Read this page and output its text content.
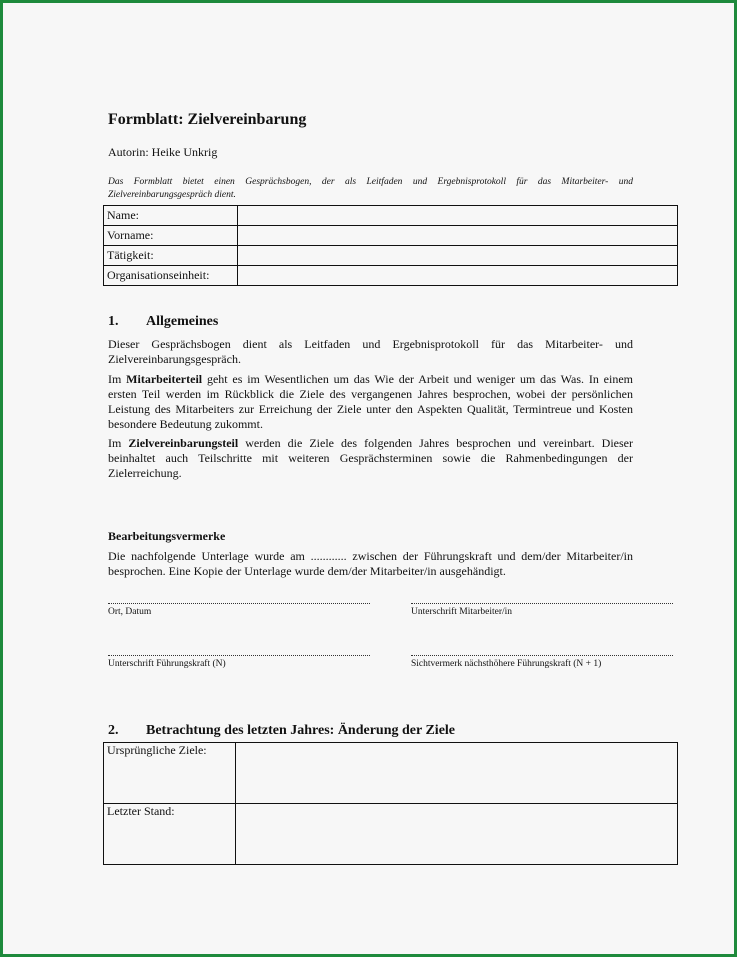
Formblatt: Zielvereinbarung
Autorin: Heike Unkrig
Das Formblatt bietet einen Gesprächsbogen, der als Leitfaden und Ergebnisprotokoll für das Mitarbeiter- und Zielvereinbarungsgespräch dient.
Name:	
Vorname:	
Tätigkeit:	
Organisationseinheit:	
1. Allgemeines

Dieser Gesprächsbogen dient als Leitfaden und Ergebnisprotokoll für das Mitarbeiter- und Zielvereinbarungsgespräch.

Im Mitarbeiterteil geht es im Wesentlichen um das Wie der Arbeit und weniger um das Was. In einem ersten Teil werden im Rückblick die Ziele des vergangenen Jahres besprochen, wobei der persönlichen Leistung des Mitarbeiters zur Erreichung der Ziele unter den Aspekten Qualität, Termintreue und Kosten besondere Bedeutung zukommt.

Im Zielvereinbarungsteil werden die Ziele des folgenden Jahres besprochen und vereinbart. Dieser beinhaltet auch Teilschritte mit weiteren Gesprächsterminen sowie die Rahmenbedingungen der Zielerreichung.

Bearbeitungsvermerke

Die nachfolgende Unterlage wurde am ............ zwischen der Führungskraft und dem/der Mitarbeiter/in besprochen. Eine Kopie der Unterlage wurde dem/der Mitarbeiter/in ausgehändigt.

Ort, Datum	Unterschrift Mitarbeiter/in
Unterschrift Führungskraft (N)	Sichtvermerk nächsthöhere Führungskraft (N + 1)
2. Betrachtung des letzten Jahres: Änderung der Ziele
Ursprüngliche Ziele:	
Letzter Stand:	
